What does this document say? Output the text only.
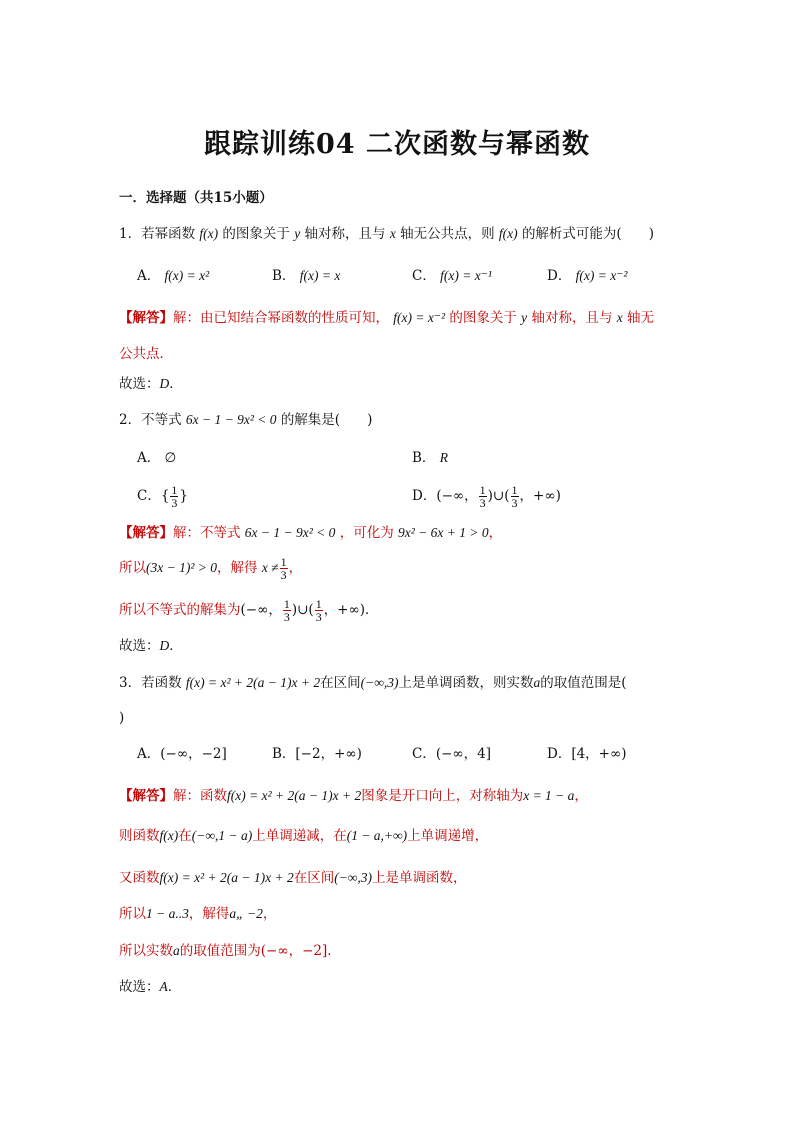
跟踪训练04 二次函数与幂函数
一．选择题（共15小题）
1．若幂函数 f(x) 的图象关于 y 轴对称，且与 x 轴无公共点，则 f(x) 的解析式可能为(　　)
A． f(x) = x²	B． f(x) = x	C． f(x) = x⁻¹	D． f(x) = x⁻²
【解答】解：由已知结合幂函数的性质可知， f(x) = x⁻² 的图象关于 y 轴对称，且与 x 轴无
公共点．
故选：D．
2．不等式 6x − 1 − 9x² < 0 的解集是(　　)
A． ∅	B． R
C．{ $\frac{1}{3}$ }	D．(−∞， $\frac{1}{3}$ )∪( $\frac{1}{3}$ ，+∞)
【解答】解：不等式 6x − 1 − 9x² < 0 ，可化为 9x² − 6x + 1 > 0，
所以(3x − 1)² > 0，解得 $x \ne \frac{1}{3}$ ，
所以不等式的解集为(−∞， $\frac{1}{3}$ )∪( $\frac{1}{3}$ ，+∞)．
故选：D．
3．若函数 f(x) = x² + 2(a − 1)x + 2在区间(−∞,3)上是单调函数，则实数a的取值范围是(
)
A．(−∞，−2]	B．[−2，+∞)	C．(−∞，4]	D．[4，+∞)
【解答】解：函数f(x) = x² + 2(a − 1)x + 2图象是开口向上，对称轴为x = 1 − a，
则函数f(x)在(−∞,1 − a)上单调递减，在(1 − a,+∞)上单调递增，
又函数f(x) = x² + 2(a − 1)x + 2在区间(−∞,3)上是单调函数，
所以1 − a..3，解得a„ −2，
所以实数a的取值范围为(−∞，−2]．
故选：A．
